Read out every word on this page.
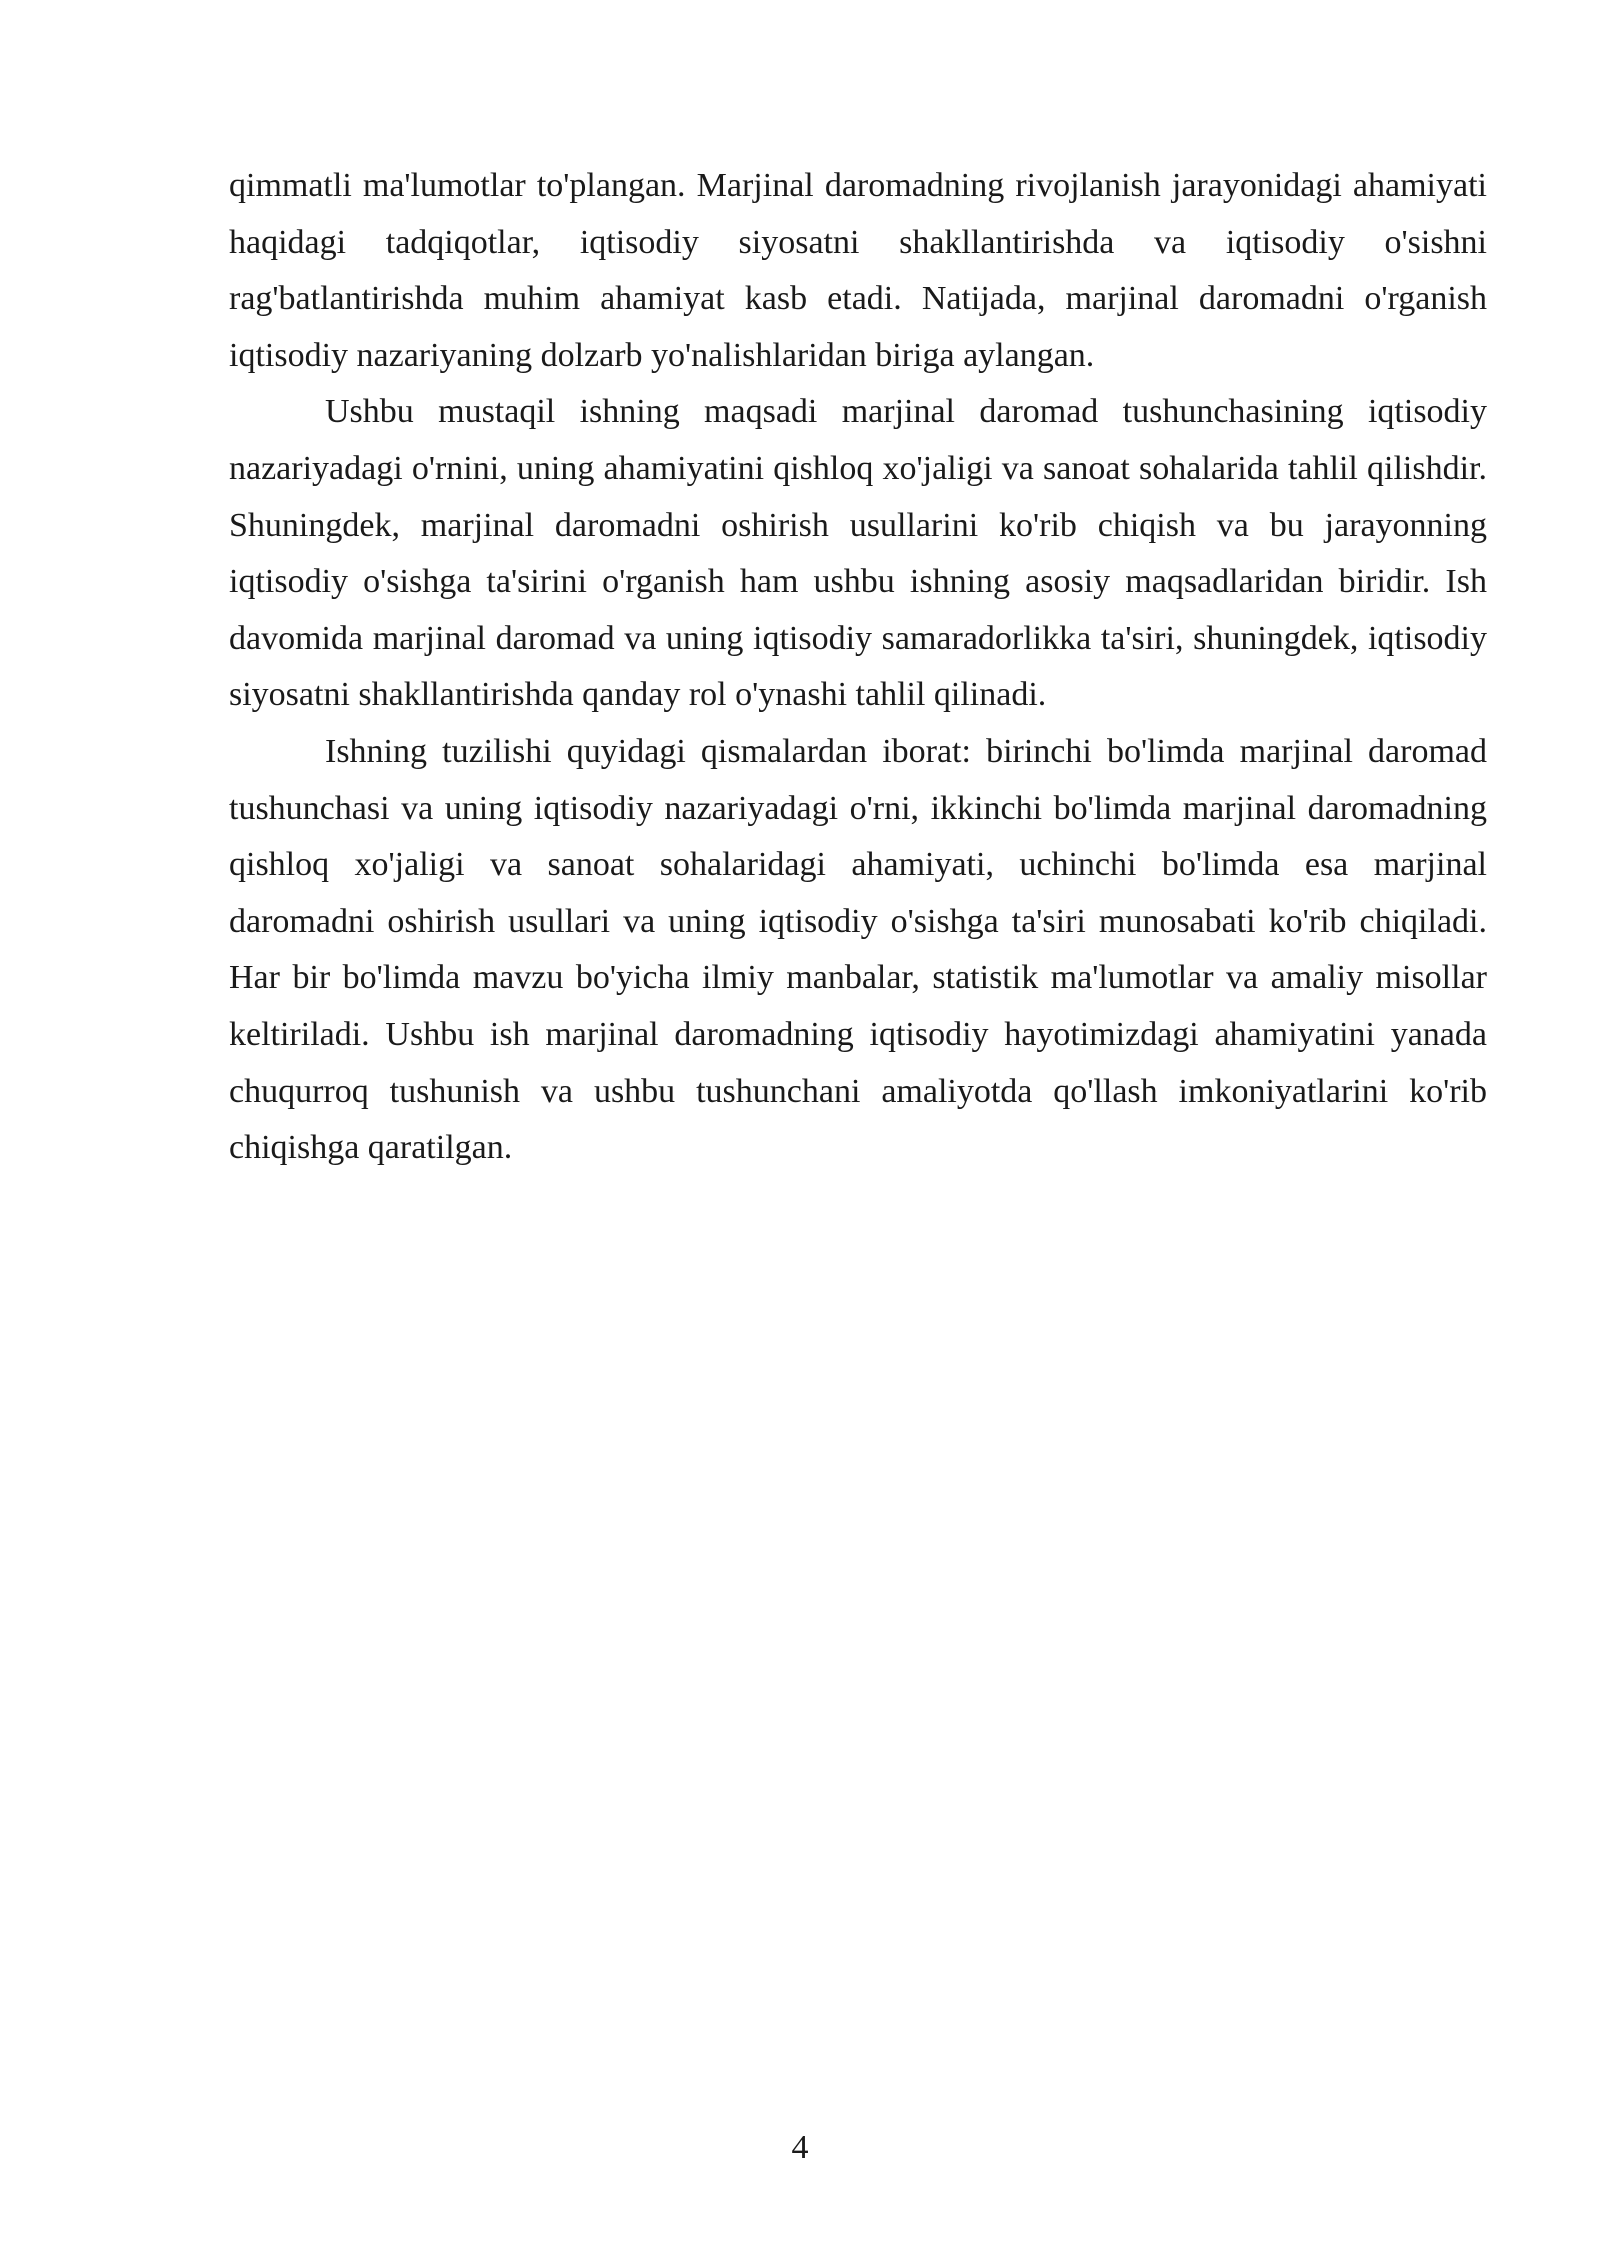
qimmatli ma'lumotlar to'plangan. Marjinal daromadning rivojlanish jarayonidagi ahamiyati haqidagi tadqiqotlar, iqtisodiy siyosatni shakllantirishda va iqtisodiy o'sishni rag'batlantirishda muhim ahamiyat kasb etadi. Natijada, marjinal daromadni o'rganish iqtisodiy nazariyaning dolzarb yo'nalishlaridan biriga aylangan.

Ushbu mustaqil ishning maqsadi marjinal daromad tushunchasining iqtisodiy nazariyadagi o'rnini, uning ahamiyatini qishloq xo'jaligi va sanoat sohalarida tahlil qilishdir. Shuningdek, marjinal daromadni oshirish usullarini ko'rib chiqish va bu jarayonning iqtisodiy o'sishga ta'sirini o'rganish ham ushbu ishning asosiy maqsadlaridan biridir. Ish davomida marjinal daromad va uning iqtisodiy samaradorlikka ta'siri, shuningdek, iqtisodiy siyosatni shakllantirishda qanday rol o'ynashi tahlil qilinadi.

Ishning tuzilishi quyidagi qismalardan iborat: birinchi bo'limda marjinal daromad tushunchasi va uning iqtisodiy nazariyadagi o'rni, ikkinchi bo'limda marjinal daromadning qishloq xo'jaligi va sanoat sohalaridagi ahamiyati, uchinchi bo'limda esa marjinal daromadni oshirish usullari va uning iqtisodiy o'sishga ta'siri munosabati ko'rib chiqiladi. Har bir bo'limda mavzu bo'yicha ilmiy manbalar, statistik ma'lumotlar va amaliy misollar keltiriladi. Ushbu ish marjinal daromadning iqtisodiy hayotimizdagi ahamiyatini yanada chuqurroq tushunish va ushbu tushunchani amaliyotda qo'llash imkoniyatlarini ko'rib chiqishga qaratilgan.

4
